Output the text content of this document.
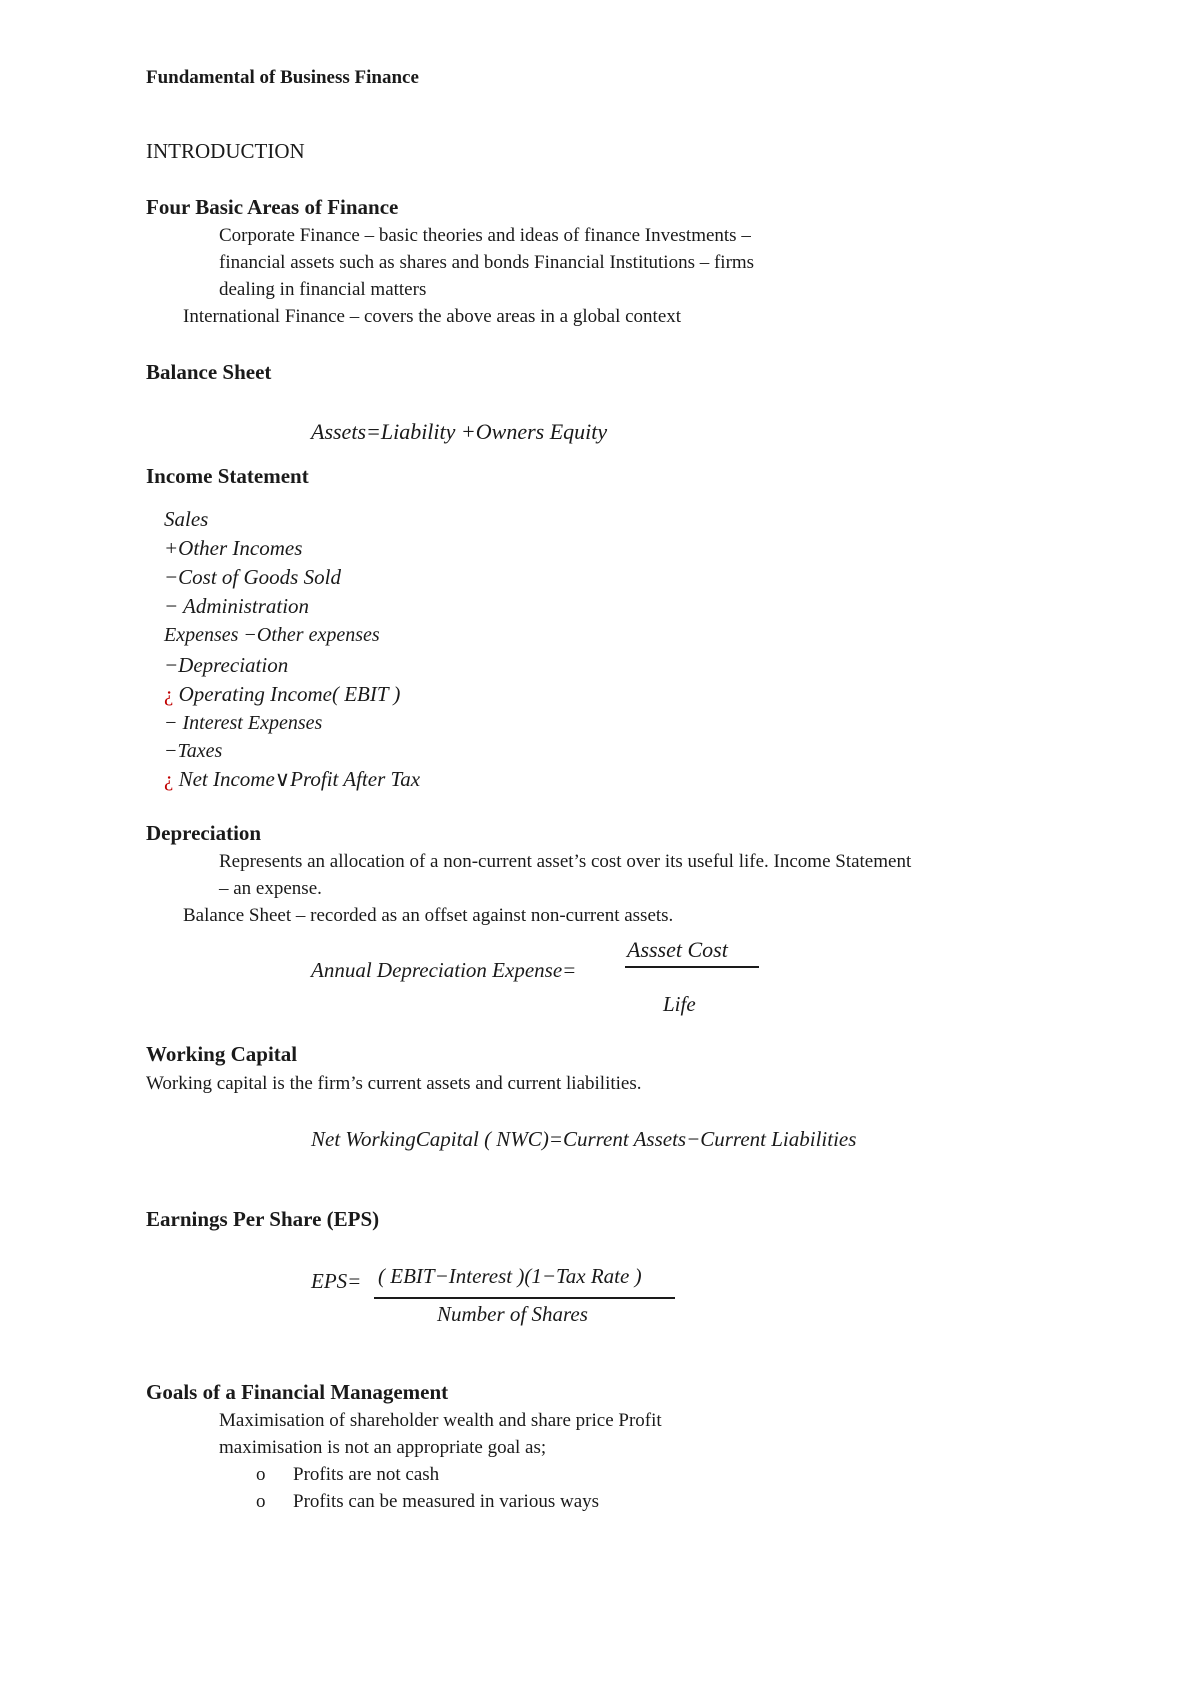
Fundamental of Business Finance
INTRODUCTION
Four Basic Areas of Finance
Corporate Finance – basic theories and ideas of finance Investments –
financial assets such as shares and bonds Financial Institutions – firms
dealing in financial matters
International Finance – covers the above areas in a global context
Balance Sheet
Assets=Liability +Owners Equity
Income Statement
Sales
+Other Incomes
−Cost of Goods Sold
− Administration
Expenses −Other expenses
−Depreciation
¿ Operating Income( EBIT )
− Interest Expenses
−Taxes
¿ Net Income∨Profit After Tax
Depreciation
Represents an allocation of a non-current asset’s cost over its useful life. Income Statement
– an expense.
Balance Sheet – recorded as an offset against non-current assets.
Annual Depreciation Expense=
Assset Cost
Life
Working Capital
Working capital is the firm’s current assets and current liabilities.
Net WorkingCapital ( NWC)=Current Assets−Current Liabilities
Earnings Per Share (EPS)
EPS= ( EBIT−Interest )(1−Tax Rate )
Number of Shares
Goals of a Financial Management
Maximisation of shareholder wealth and share price Profit
maximisation is not an appropriate goal as;
o Profits are not cash
o Profits can be measured in various ways
